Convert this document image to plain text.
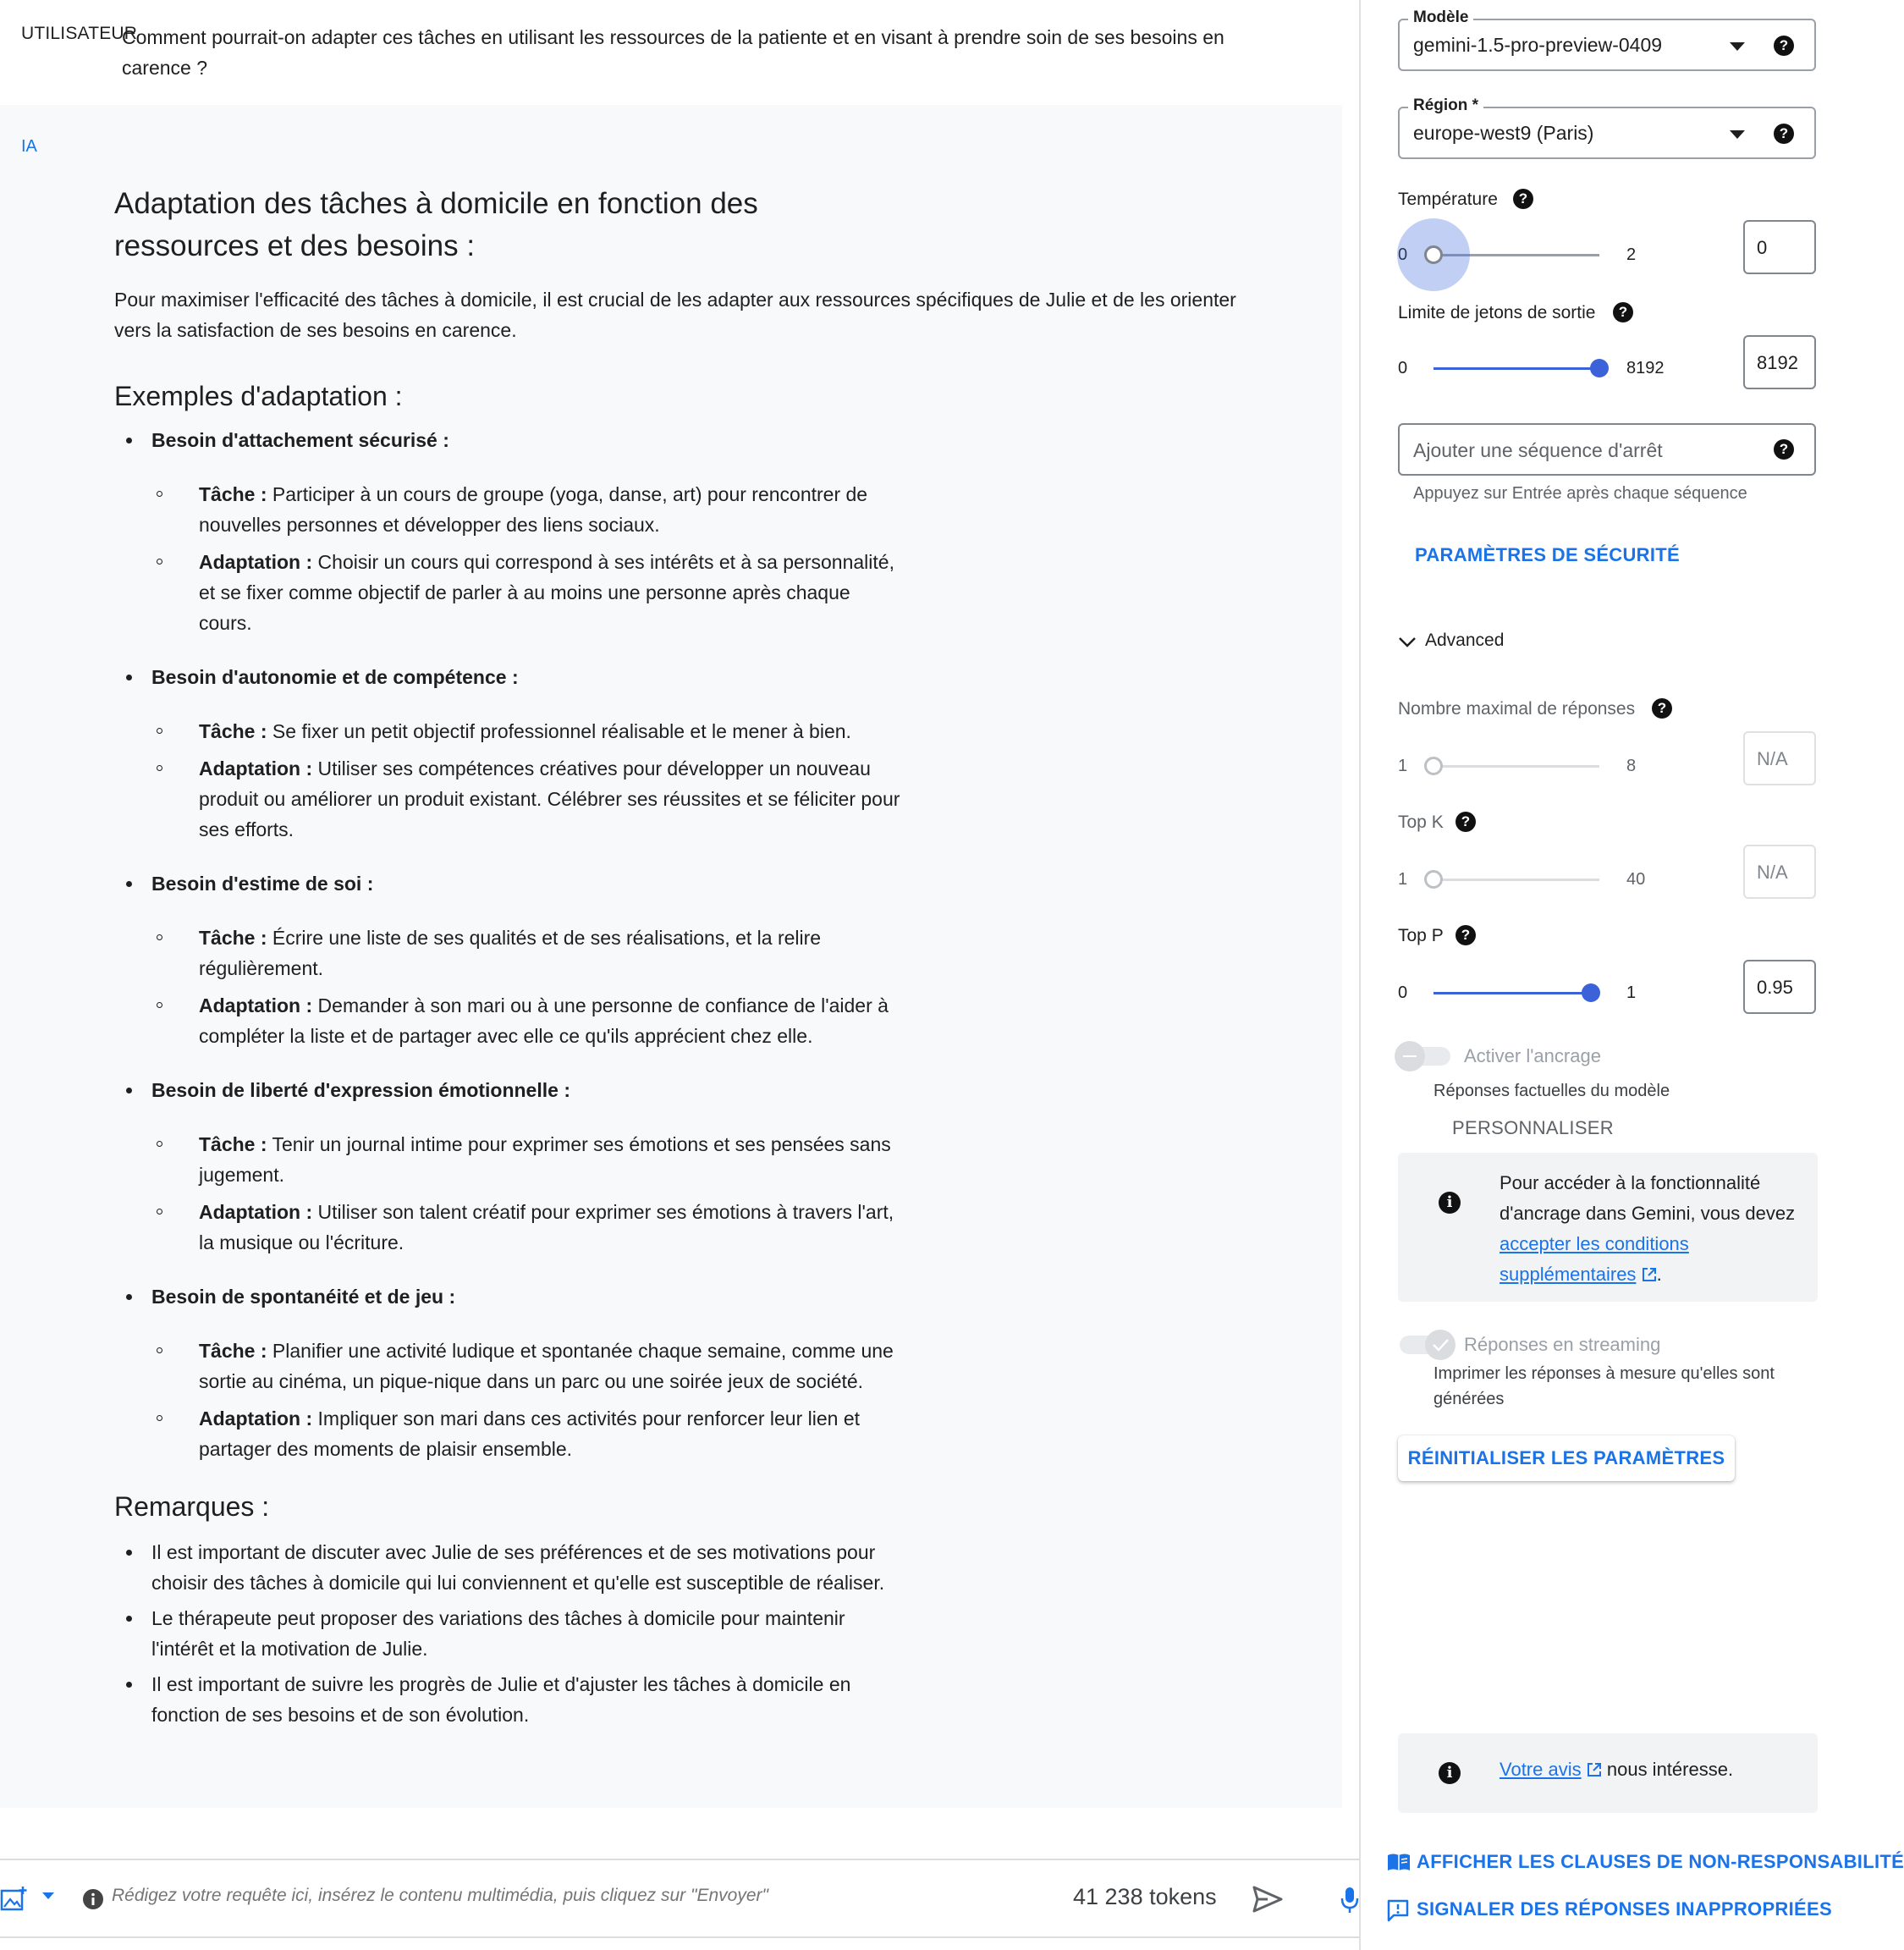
UTILISATEUR
Comment pourrait-on adapter ces tâches en utilisant les ressources de la patiente et en visant à prendre soin de ses besoins en carence ?
IA
Adaptation des tâches à domicile en fonction des ressources et des besoins :

Pour maximiser l'efficacité des tâches à domicile, il est crucial de les adapter aux ressources spécifiques de Julie et de les orienter vers la satisfaction de ses besoins en carence.

Exemples d'adaptation :
Besoin d'attachement sécurisé :
Tâche : Participer à un cours de groupe (yoga, danse, art) pour rencontrer de nouvelles personnes et développer des liens sociaux.
Adaptation : Choisir un cours qui correspond à ses intérêts et à sa personnalité, et se fixer comme objectif de parler à au moins une personne après chaque cours.
Besoin d'autonomie et de compétence :
Tâche : Se fixer un petit objectif professionnel réalisable et le mener à bien.
Adaptation : Utiliser ses compétences créatives pour développer un nouveau produit ou améliorer un produit existant. Célébrer ses réussites et se féliciter pour ses efforts.
Besoin d'estime de soi :
Tâche : Écrire une liste de ses qualités et de ses réalisations, et la relire régulièrement.
Adaptation : Demander à son mari ou à une personne de confiance de l'aider à compléter la liste et de partager avec elle ce qu'ils apprécient chez elle.
Besoin de liberté d'expression émotionnelle :
Tâche : Tenir un journal intime pour exprimer ses émotions et ses pensées sans jugement.
Adaptation : Utiliser son talent créatif pour exprimer ses émotions à travers l'art, la musique ou l'écriture.
Besoin de spontanéité et de jeu :
Tâche : Planifier une activité ludique et spontanée chaque semaine, comme une sortie au cinéma, un pique-nique dans un parc ou une soirée jeux de société.
Adaptation : Impliquer son mari dans ces activités pour renforcer leur lien et partager des moments de plaisir ensemble.
Remarques :
Il est important de discuter avec Julie de ses préférences et de ses motivations pour choisir des tâches à domicile qui lui conviennent et qu'elle est susceptible de réaliser.
Le thérapeute peut proposer des variations des tâches à domicile pour maintenir l'intérêt et la motivation de Julie.
Il est important de suivre les progrès de Julie et d'ajuster les tâches à domicile en fonction de ses besoins et de son évolution.
Rédigez votre requête ici, insérez le contenu multimédia, puis cliquez sur "Envoyer"
41 238 tokens
Modèle
gemini-1.5-pro-preview-0409	?
Région *
europe-west9 (Paris)	?
Température	?
0	2	0
Limite de jetons de sortie	?
0	8192	8192
Ajouter une séquence d'arrêt	?
Appuyez sur Entrée après chaque séquence
PARAMÈTRES DE SÉCURITÉ
Advanced
Nombre maximal de réponses	?
1	8	N/A
Top K	?
1	40	N/A
Top P	?
0	1	0.95
Activer l'ancrage
Réponses factuelles du modèle
PERSONNALISER
i
Pour accéder à la fonctionnalité d'ancrage dans Gemini, vous devez accepter les conditions supplémentaires .
Réponses en streaming
Imprimer les réponses à mesure qu'elles sont générées
RÉINITIALISER LES PARAMÈTRES
i	Votre avis nous intéresse.
AFFICHER LES CLAUSES DE NON-RESPONSABILITÉ
SIGNALER DES RÉPONSES INAPPROPRIÉES
